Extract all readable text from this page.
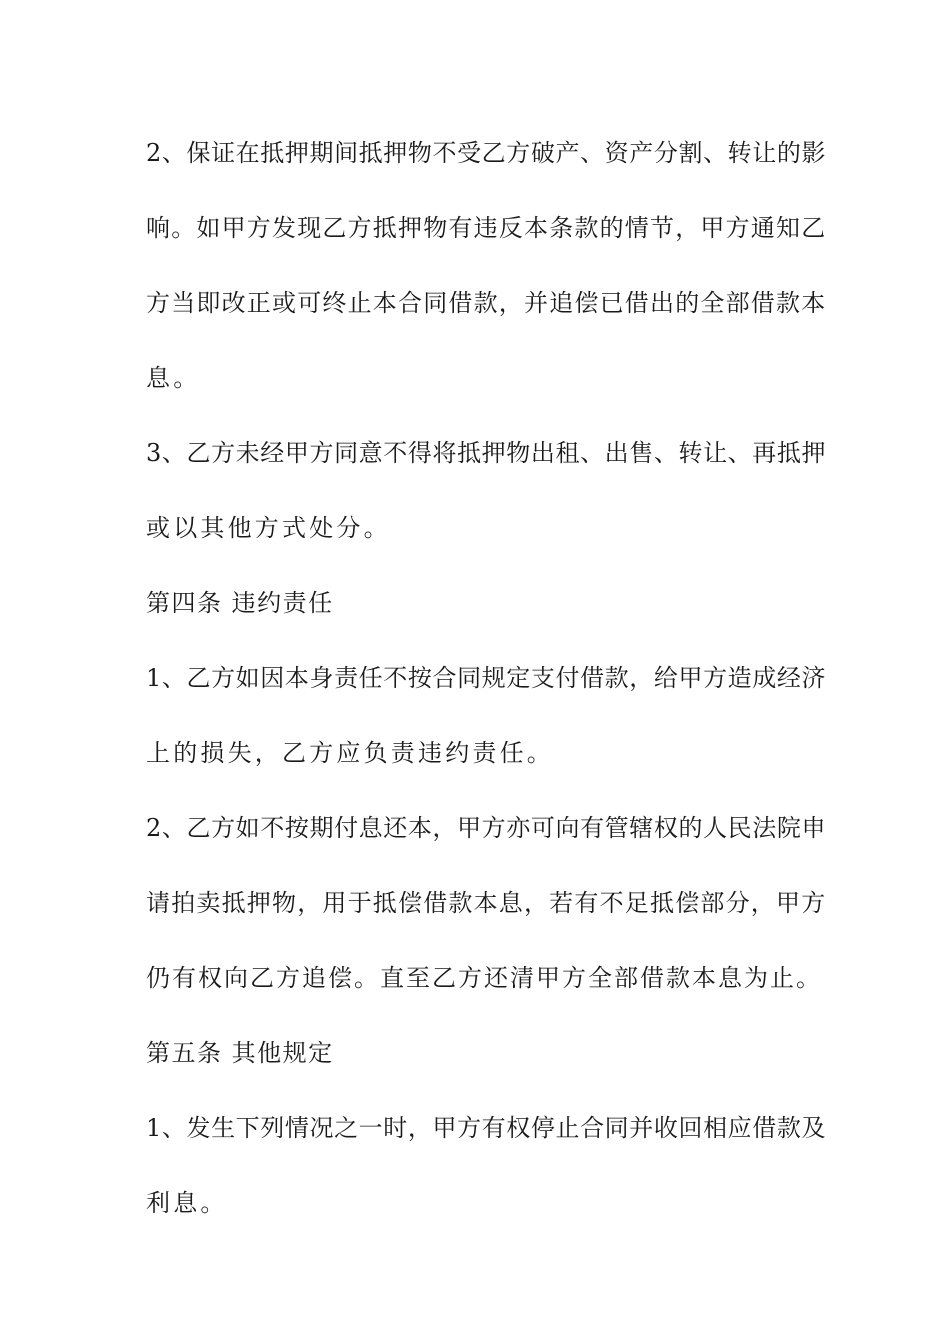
2、保证在抵押期间抵押物不受乙方破产、资产分割、转让的影
响。如甲方发现乙方抵押物有违反本条款的情节，甲方通知乙
方当即改正或可终止本合同借款，并追偿已借出的全部借款本
息。
3、乙方未经甲方同意不得将抵押物出租、出售、转让、再抵押
或以其他方式处分。
第四条 违约责任
1、乙方如因本身责任不按合同规定支付借款，给甲方造成经济
上的损失，乙方应负责违约责任。
2、乙方如不按期付息还本，甲方亦可向有管辖权的人民法院申
请拍卖抵押物，用于抵偿借款本息，若有不足抵偿部分，甲方
仍有权向乙方追偿。直至乙方还清甲方全部借款本息为止。
第五条 其他规定
1、发生下列情况之一时，甲方有权停止合同并收回相应借款及
利息。
